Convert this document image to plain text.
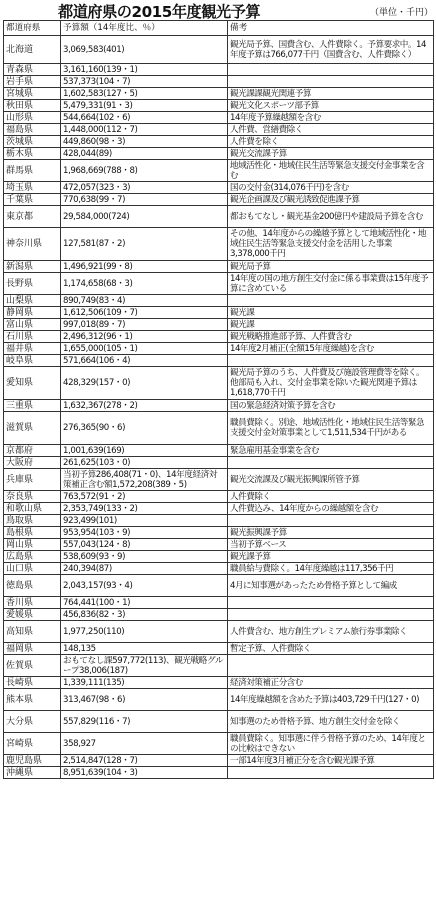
都道府県の2015年度観光予算	（単位・千円）
都道府県	予算額（14年度比、％）	備考
北海道	3,069,583(401)	観光局予算、国費含む、人件費除く。予算要求中。14年度予算は766,077千円（国費含む、人件費除く）
青森県	3,161,160(139・1)	
岩手県	537,373(104・7)	
宮城県	1,602,583(127・5)	観光課課観光関連予算
秋田県	5,479,331(91・3)	観光文化スポーツ部予算
山形県	544,664(102・6)	14年度予算繰越額を含む
福島県	1,448,000(112・7)	人件費、営繕費除く
茨城県	449,860(98・3)	人件費を除く
栃木県	428,044(89)	観光交流課予算
群馬県	1,968,669(788・8)	地域活性化・地域住民生活等緊急支援交付金事業を含む
埼玉県	472,057(323・3)	国の交付金(314,076千円)を含む
千葉県	770,638(99・7)	観光企画課及び観光誘致促進課予算
東京都	29,584,000(724)	都おもてなし・観光基金200億円や建設局予算を含む
神奈川県	127,581(87・2)	その他、14年度からの繰越予算として地域活性化・地域住民生活等緊急支援交付金を活用した事業3,378,000千円
新潟県	1,496,921(99・8)	観光局予算
長野県	1,174,658(68・3)	14年度の国の地方創生交付金に係る事業費は15年度予算に含めている
山梨県	890,749(83・4)	
静岡県	1,612,506(109・7)	観光課
富山県	997,018(89・7)	観光課
石川県	2,496,312(96・1)	観光戦略推進部予算、人件費含む
福井県	1,655,000(105・1)	14年度2月補正(全額15年度繰越)を含む
岐阜県	571,664(106・4)	
愛知県	428,329(157・0)	観光局予算のうち、人件費及び施設管理費等を除く。他部局も入れ、交付金事業を除いた観光関連予算は1,618,770千円
三重県	1,632,367(278・2)	国の緊急経済対策予算を含む
滋賀県	276,365(90・6)	職員費除く。別途、地域活性化・地域住民生活等緊急支援交付金対策事業として1,511,534千円がある
京都府	1,001,639(169)	緊急雇用基金事業を含む
大阪府	261,625(103・0)	
兵庫県	当初予算286,408(71・0)、14年度経済対策補正含む額1,572,208(389・5)	観光交流課及び観光振興課所管予算
奈良県	763,572(91・2)	人件費除く
和歌山県	2,353,749(133・2)	人件費込み、14年度からの繰越額を含む
鳥取県	923,499(101)	
島根県	953,954(103・9)	観光振興課予算
岡山県	557,043(124・8)	当初予算ベース
広島県	538,609(93・9)	観光課予算
山口県	240,394(87)	職員給与費除く。14年度繰越は117,356千円
徳島県	2,043,157(93・4)	4月に知事選があったため骨格予算として編成
香川県	764,441(100・1)	
愛媛県	456,836(82・3)	
高知県	1,977,250(110)	人件費含む、地方創生プレミアム旅行券事業除く
福岡県	148,135	暫定予算、人件費除く
佐賀県	おもてなし課597,772(113)、観光戦略グループ38,006(187)	
長崎県	1,339,111(135)	経済対策補正分含む
熊本県	313,467(98・6)	14年度繰越額を含めた予算は403,729千円(127・0)
大分県	557,829(116・7)	知事選のため骨格予算、地方創生交付金を除く
宮崎県	358,927	職員費除く。知事選に伴う骨格予算のため、14年度との比較はできない
鹿児島県	2,514,847(128・7)	一部14年度3月補正分を含む観光課予算
沖縄県	8,951,639(104・3)	
